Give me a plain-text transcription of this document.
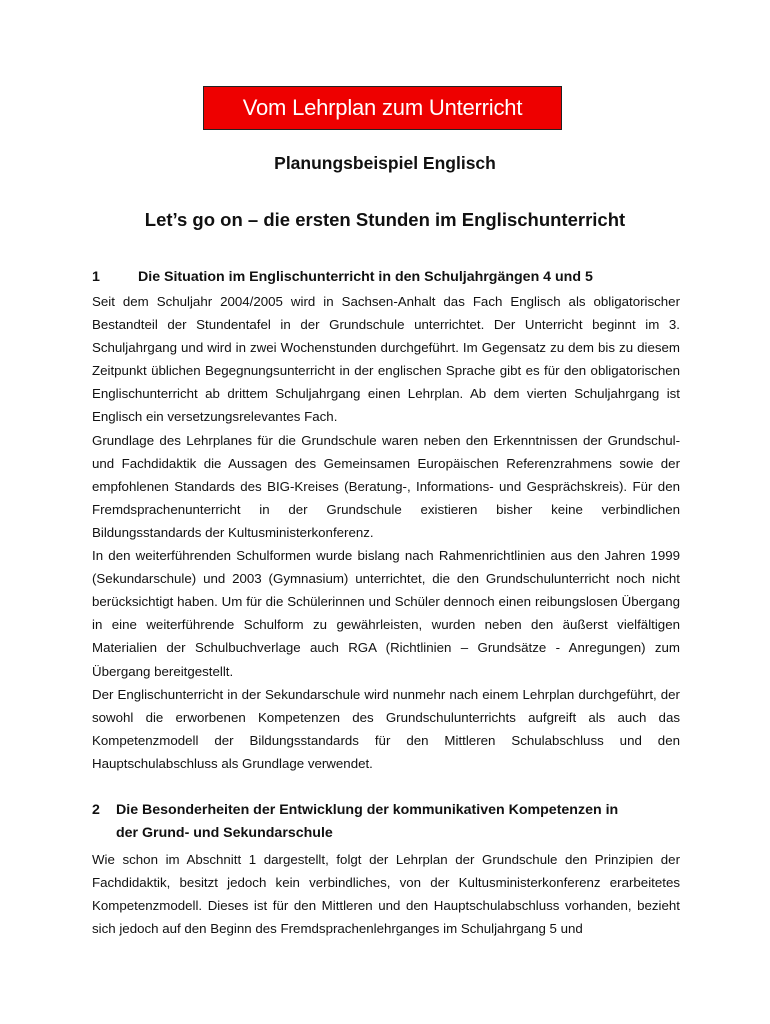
Vom Lehrplan zum Unterricht
Planungsbeispiel Englisch
Let’s go on – die ersten Stunden im Englischunterricht
1	Die Situation im Englischunterricht in den Schuljahrgängen 4 und 5

Seit dem Schuljahr 2004/2005 wird in Sachsen-Anhalt das Fach Englisch als obligatorischer Bestandteil der Stundentafel in der Grundschule unterrichtet. Der Unterricht beginnt im 3. Schuljahrgang und wird in zwei Wochenstunden durchgeführt. Im Gegensatz zu dem bis zu diesem Zeitpunkt üblichen Begegnungsunterricht in der englischen Sprache gibt es für den obligatorischen Englischunterricht ab drittem Schuljahrgang einen Lehrplan. Ab dem vierten Schuljahrgang ist Englisch ein versetzungsrelevantes Fach.

Grundlage des Lehrplanes für die Grundschule waren neben den Erkenntnissen der Grundschul- und Fachdidaktik die Aussagen des Gemeinsamen Europäischen Referenzrahmens sowie der empfohlenen Standards des BIG-Kreises (Beratung-, Informations- und Gesprächskreis). Für den Fremdsprachenunterricht in der Grundschule existieren bisher keine verbindlichen Bildungsstandards der Kultusministerkonferenz.

In den weiterführenden Schulformen wurde bislang nach Rahmenrichtlinien aus den Jahren 1999 (Sekundarschule) und 2003 (Gymnasium) unterrichtet, die den Grundschulunterricht noch nicht berücksichtigt haben. Um für die Schülerinnen und Schüler dennoch einen reibungslosen Übergang in eine weiterführende Schulform zu gewährleisten, wurden neben den äußerst vielfältigen Materialien der Schulbuchverlage auch RGA (Richtlinien – Grundsätze - Anregungen) zum Übergang bereitgestellt.

Der Englischunterricht in der Sekundarschule wird nunmehr nach einem Lehrplan durchgeführt, der sowohl die erworbenen Kompetenzen des Grundschulunterrichts aufgreift als auch das Kompetenzmodell der Bildungsstandards für den Mittleren Schulabschluss und den Hauptschulabschluss als Grundlage verwendet.

2 Die Besonderheiten der Entwicklung der kommunikativen Kompetenzen in
der Grund- und Sekundarschule

Wie schon im Abschnitt 1 dargestellt, folgt der Lehrplan der Grundschule den Prinzipien der Fachdidaktik, besitzt jedoch kein verbindliches, von der Kultusministerkonferenz erarbeitetes Kompetenzmodell. Dieses ist für den Mittleren und den Hauptschulabschluss vorhanden, bezieht sich jedoch auf den Beginn des Fremdsprachenlehrganges im Schuljahrgang 5 und
